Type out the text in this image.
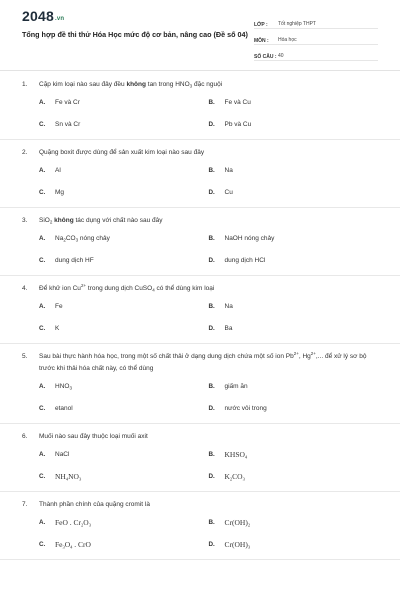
2048.vn
Tổng hợp đề thi thử Hóa Học mức độ cơ bản, nâng cao (Đề số 04)
LỚP :	Tốt nghiệp THPT
MÔN :	Hóa học
SỐ CÂU : 40
1.	Cặp kim loại nào sau đây đều không tan trong $HNO_3$ đặc nguội
A.	Fe và Cr	B.	Fe và Cu
C.	Sn và Cr	D.	Pb và Cu
2.	Quặng boxit được dùng để sản xuất kim loại nào sau đây
A.	Al	B.	Na
C.	Mg	D.	Cu
3.	SiO$_2$ không tác dụng với chất nào sau đây
A.	$Na_2CO_3$ nóng chảy	B.	NaOH nóng chảy
C.	dung dịch HF	D.	dung dịch HCl
4.	Để khử ion $Cu^{2+}$ trong dung dịch CuSO$_4$ có thể dùng kim loại
A.	Fe	B.	Na
C.	K	D.	Ba
5.	Sau bài thực hành hóa học, trong một số chất thải ở dạng dung dịch chứa một số ion $Pb^{2+}$, $Hg^{2+}$,... để xử lý sơ bộ trước khi thải hóa chất này, có thể dùng
A.	$HNO_3$	B.	giấm ăn
C.	etanol	D.	nước vôi trong
6.	Muối nào sau đây thuộc loại muối axit
A.	NaCl	B.	$KHSO_4$
C.	$NH_4NO_3$	D.	$K_2CO_3$
7.	Thành phần chính của quặng cromit là
A.	FeO . $Cr_2O_3$	B.	$Cr(OH)_2$
C.	$Fe_3O_4$ . CrO	D.	$Cr(OH)_3$
